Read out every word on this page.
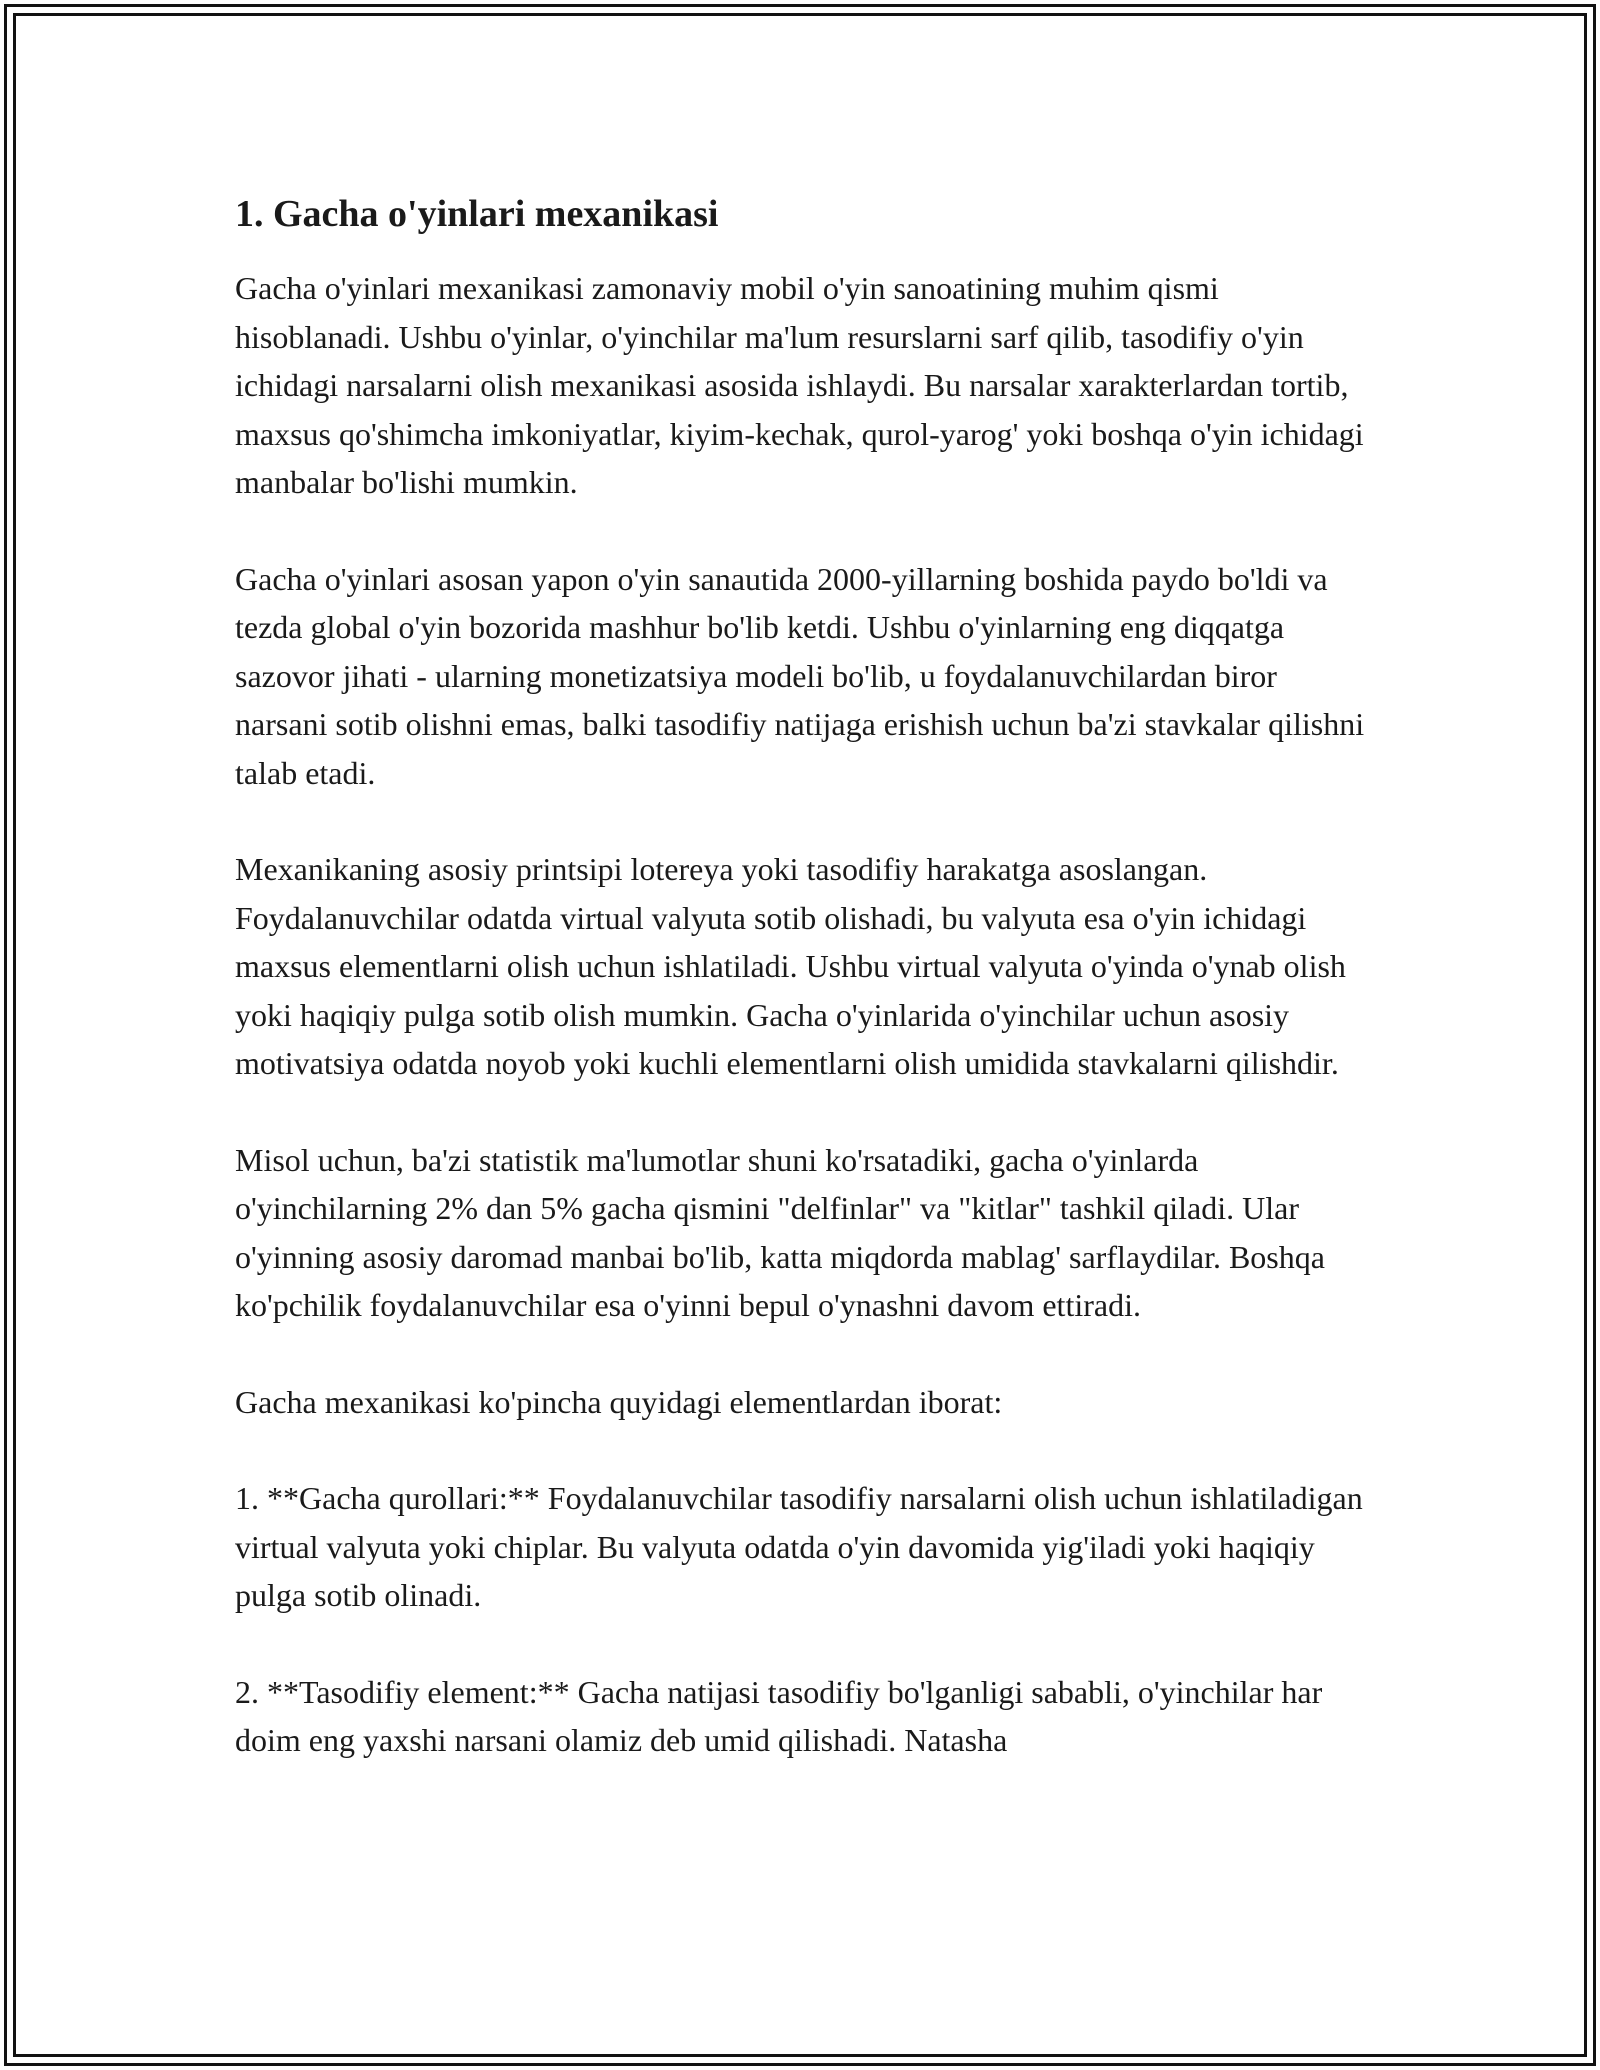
1. Gacha o'yinlari mexanikasi

Gacha o'yinlari mexanikasi zamonaviy mobil o'yin sanoatining muhim qismi hisoblanadi. Ushbu o'yinlar, o'yinchilar ma'lum resurslarni sarf qilib, tasodifiy o'yin ichidagi narsalarni olish mexanikasi asosida ishlaydi. Bu narsalar xarakterlardan tortib, maxsus qo'shimcha imkoniyatlar, kiyim-kechak, qurol-yarog' yoki boshqa o'yin ichidagi manbalar bo'lishi mumkin.

Gacha o'yinlari asosan yapon o'yin sanautida 2000-yillarning boshida paydo bo'ldi va tezda global o'yin bozorida mashhur bo'lib ketdi. Ushbu o'yinlarning eng diqqatga sazovor jihati - ularning monetizatsiya modeli bo'lib, u foydalanuvchilardan biror narsani sotib olishni emas, balki tasodifiy natijaga erishish uchun ba'zi stavkalar qilishni talab etadi.

Mexanikaning asosiy printsipi lotereya yoki tasodifiy harakatga asoslangan. Foydalanuvchilar odatda virtual valyuta sotib olishadi, bu valyuta esa o'yin ichidagi maxsus elementlarni olish uchun ishlatiladi. Ushbu virtual valyuta o'yinda o'ynab olish yoki haqiqiy pulga sotib olish mumkin. Gacha o'yinlarida o'yinchilar uchun asosiy motivatsiya odatda noyob yoki kuchli elementlarni olish umidida stavkalarni qilishdir.

Misol uchun, ba'zi statistik ma'lumotlar shuni ko'rsatadiki, gacha o'yinlarda o'yinchilarning 2% dan 5% gacha qismini "delfinlar" va "kitlar" tashkil qiladi. Ular o'yinning asosiy daromad manbai bo'lib, katta miqdorda mablag' sarflaydilar. Boshqa ko'pchilik foydalanuvchilar esa o'yinni bepul o'ynashni davom ettiradi.

Gacha mexanikasi ko'pincha quyidagi elementlardan iborat:

1. **Gacha qurollari:** Foydalanuvchilar tasodifiy narsalarni olish uchun ishlatiladigan virtual valyuta yoki chiplar. Bu valyuta odatda o'yin davomida yig'iladi yoki haqiqiy pulga sotib olinadi.

2. **Tasodifiy element:** Gacha natijasi tasodifiy bo'lganligi sababli, o'yinchilar har doim eng yaxshi narsani olamiz deb umid qilishadi. Natasha
